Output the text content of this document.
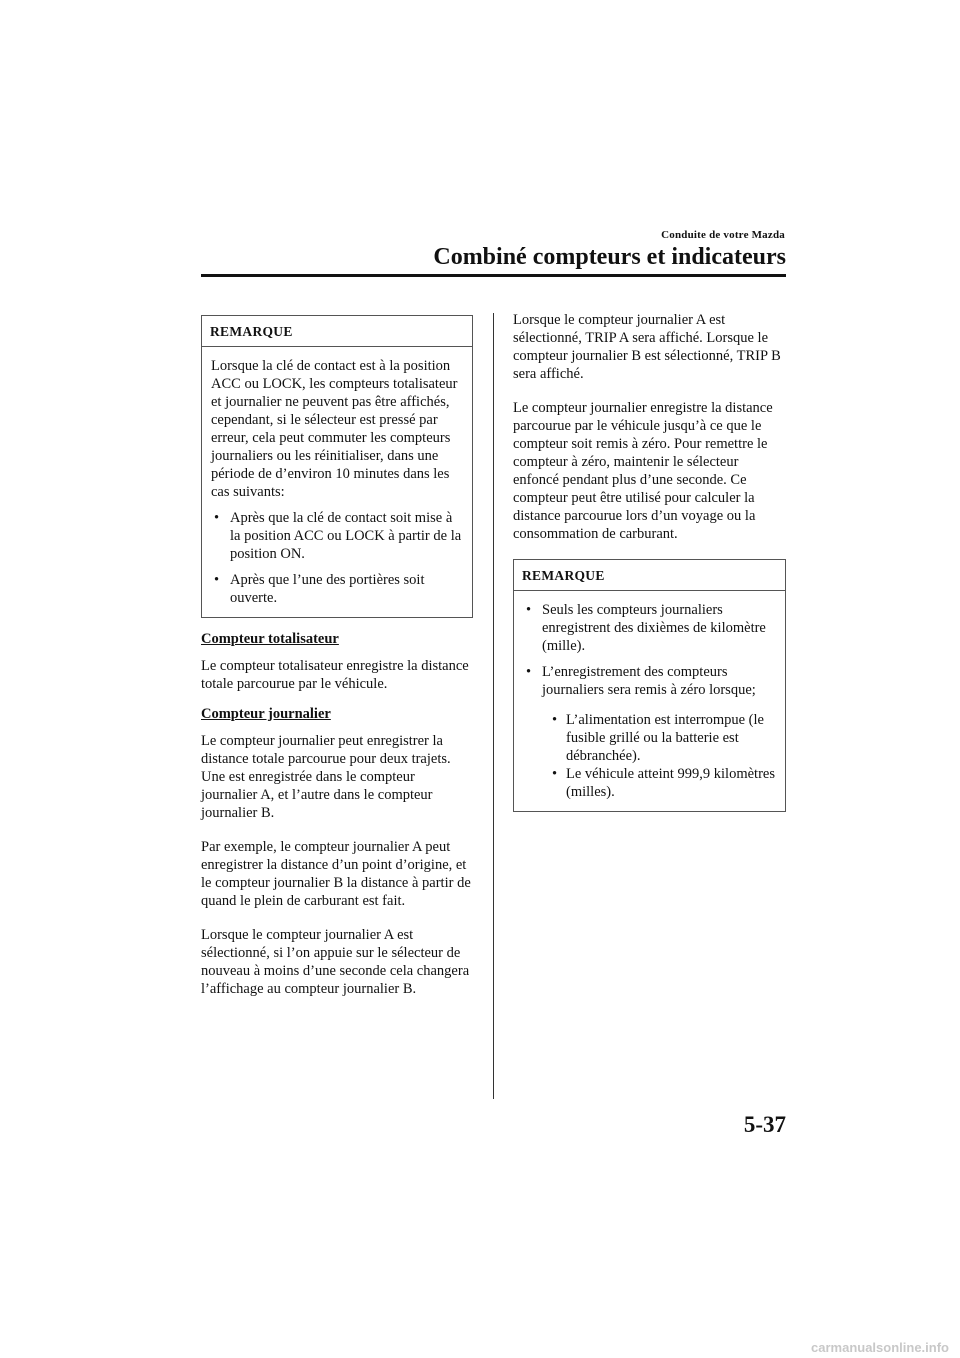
Conduite de votre Mazda
Combiné compteurs et indicateurs
REMARQUE

Lorsque la clé de contact est à la position ACC ou LOCK, les compteurs totalisateur et journalier ne peuvent pas être affichés, cependant, si le sélecteur est pressé par erreur, cela peut commuter les compteurs journaliers ou les réinitialiser, dans une période de d’environ 10 minutes dans les cas suivants:

• Après que la clé de contact soit mise à la position ACC ou LOCK à partir de la position ON.
• Après que l’une des portières soit ouverte.
Compteur totalisateur

Le compteur totalisateur enregistre la distance totale parcourue par le véhicule.

Compteur journalier

Le compteur journalier peut enregistrer la distance totale parcourue pour deux trajets. Une est enregistrée dans le compteur journalier A, et l’autre dans le compteur journalier B.

Par exemple, le compteur journalier A peut enregistrer la distance d’un point d’origine, et le compteur journalier B la distance à partir de quand le plein de carburant est fait.

Lorsque le compteur journalier A est sélectionné, si l’on appuie sur le sélecteur de nouveau à moins d’une seconde cela changera l’affichage au compteur journalier B.

Lorsque le compteur journalier A est sélectionné, TRIP A sera affiché. Lorsque le compteur journalier B est sélectionné, TRIP B sera affiché.

Le compteur journalier enregistre la distance parcourue par le véhicule jusqu’à ce que le compteur soit remis à zéro. Pour remettre le compteur à zéro, maintenir le sélecteur enfoncé pendant plus d’une seconde. Ce compteur peut être utilisé pour calculer la distance parcourue lors d’un voyage ou la consommation de carburant.

REMARQUE
• Seuls les compteurs journaliers enregistrent des dixièmes de kilomètre (mille).
• L’enregistrement des compteurs journaliers sera remis à zéro lorsque;
• L’alimentation est interrompue (le fusible grillé ou la batterie est débranchée).
• Le véhicule atteint 999,9 kilomètres (milles).
5-37
carmanualsonline.info
